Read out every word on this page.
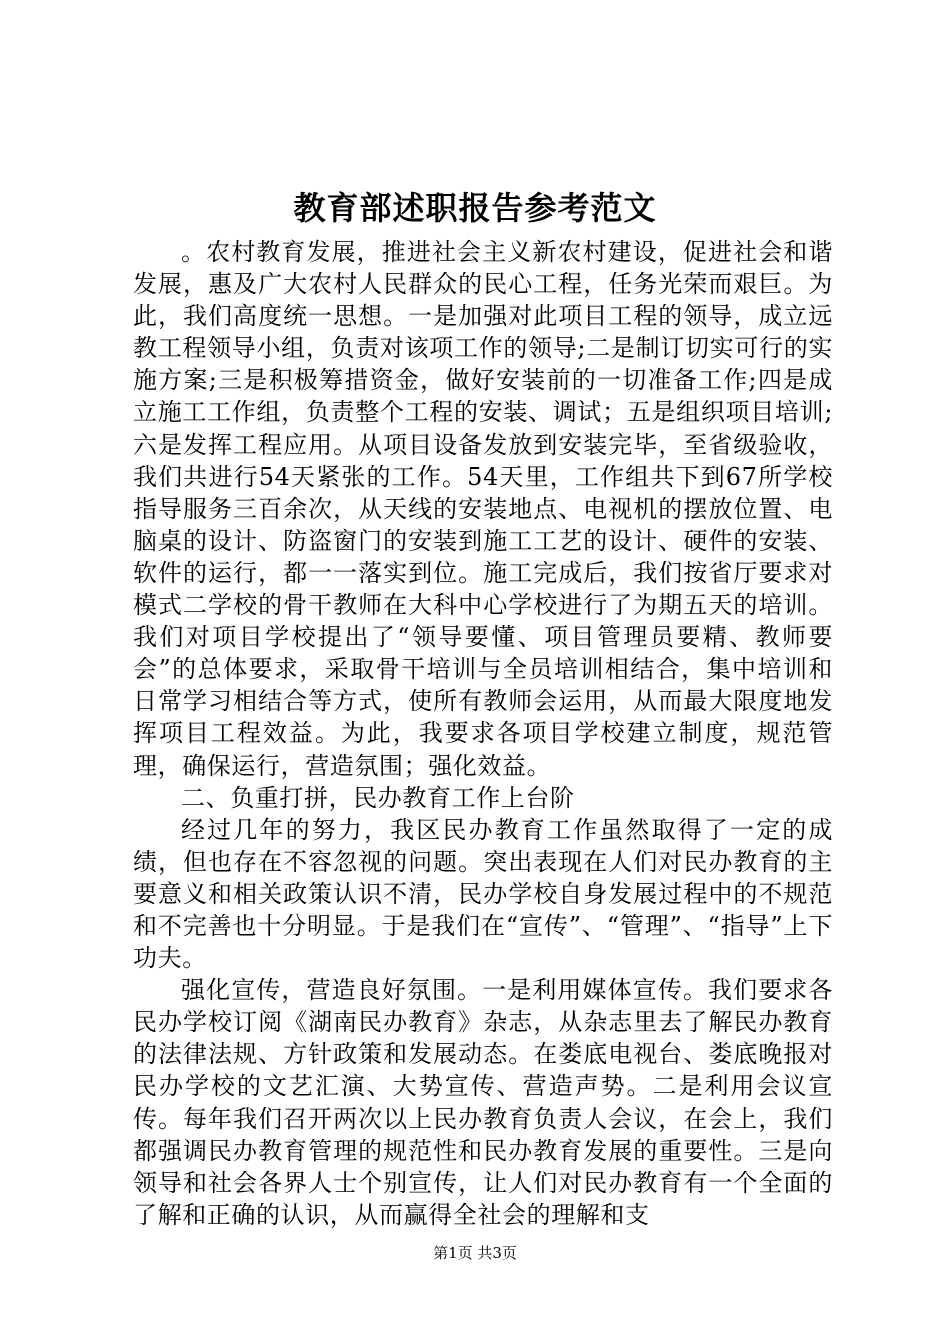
教育部述职报告参考范文

。农村教育发展，推进社会主义新农村建设，促进社会和谐发展，惠及广大农村人民群众的民心工程，任务光荣而艰巨。为此，我们高度统一思想。一是加强对此项目工程的领导，成立远教工程领导小组，负责对该项工作的领导;二是制订切实可行的实施方案;三是积极筹措资金，做好安装前的一切准备工作;四是成立施工工作组，负责整个工程的安装、调试；五是组织项目培训;六是发挥工程应用。从项目设备发放到安装完毕，至省级验收，我们共进行54天紧张的工作。54天里，工作组共下到67所学校指导服务三百余次，从天线的安装地点、电视机的摆放位置、电脑桌的设计、防盗窗门的安装到施工工艺的设计、硬件的安装、软件的运行，都一一落实到位。施工完成后，我们按省厅要求对模式二学校的骨干教师在大科中心学校进行了为期五天的培训。我们对项目学校提出了“领导要懂、项目管理员要精、教师要会”的总体要求，采取骨干培训与全员培训相结合，集中培训和日常学习相结合等方式，使所有教师会运用，从而最大限度地发挥项目工程效益。为此，我要求各项目学校建立制度，规范管理，确保运行，营造氛围；强化效益。

二、负重打拼，民办教育工作上台阶

经过几年的努力，我区民办教育工作虽然取得了一定的成绩，但也存在不容忽视的问题。突出表现在人们对民办教育的主要意义和相关政策认识不清，民办学校自身发展过程中的不规范和不完善也十分明显。于是我们在“宣传”、“管理”、“指导”上下功夫。

强化宣传，营造良好氛围。一是利用媒体宣传。我们要求各民办学校订阅《湖南民办教育》杂志，从杂志里去了解民办教育的法律法规、方针政策和发展动态。在娄底电视台、娄底晚报对民办学校的文艺汇演、大势宣传、营造声势。二是利用会议宣传。每年我们召开两次以上民办教育负责人会议，在会上，我们都强调民办教育管理的规范性和民办教育发展的重要性。三是向领导和社会各界人士个别宣传，让人们对民办教育有一个全面的了解和正确的认识，从而赢得全社会的理解和支

第1页 共3页
